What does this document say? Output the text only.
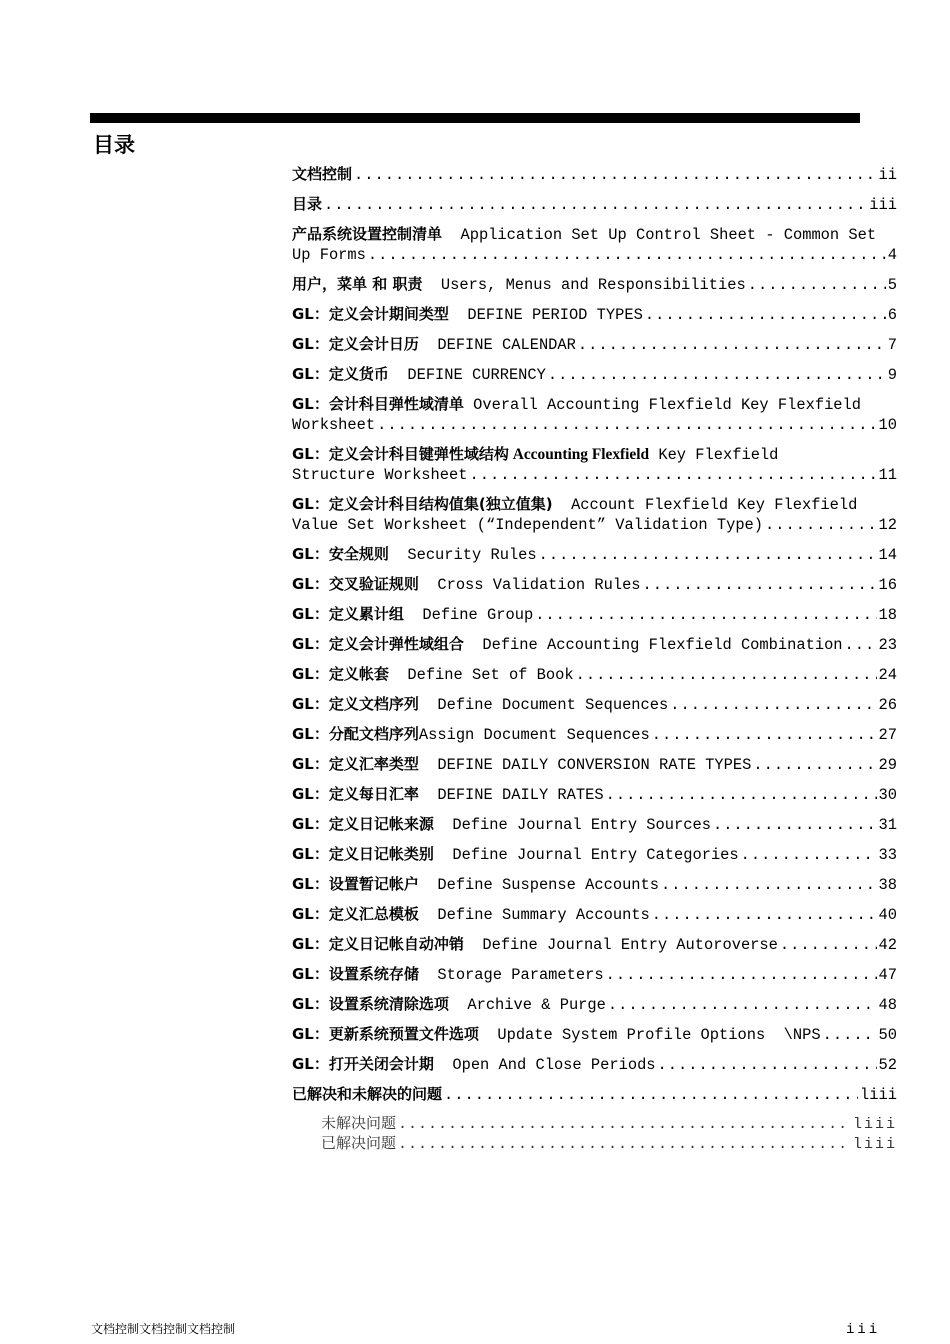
目录
文档控制 .....	ii
目录 .....	iii
产品系统设置控制清单  Application Set Up Control Sheet - Common Set
Up Forms .....	4
用户，菜单 和 职责  Users, Menus and Responsibilities .....	5
GL：定义会计期间类型  DEFINE PERIOD TYPES .....	6
GL：定义会计日历  DEFINE CALENDAR .....	7
GL：定义货币  DEFINE CURRENCY .....	9
GL：会计科目弹性域清单 Overall Accounting Flexfield Key Flexfield
Worksheet .....	10
GL：定义会计科目键弹性域结构 Accounting Flexfield Key Flexfield
Structure Worksheet .....	11
GL：定义会计科目结构值集(独立值集)  Account Flexfield Key Flexfield
Value Set Worksheet (“Independent” Validation Type) .....	12
GL：安全规则  Security Rules .....	14
GL：交叉验证规则  Cross Validation Rules .....	16
GL：定义累计组  Define Group .....	18
GL：定义会计弹性域组合  Define Accounting Flexfield Combination ..... 23
GL：定义帐套  Define Set of Book .....	24
GL：定义文档序列  Define Document Sequences .....	26
GL：分配文档序列Assign Document Sequences .....	27
GL：定义汇率类型  DEFINE DAILY CONVERSION RATE TYPES .....	29
GL：定义每日汇率  DEFINE DAILY RATES .....	30
GL：定义日记帐来源  Define Journal Entry Sources .....	31
GL：定义日记帐类别  Define Journal Entry Categories .....	33
GL：设置暂记帐户  Define Suspense Accounts .....	38
GL：定义汇总模板  Define Summary Accounts .....	40
GL：定义日记帐自动冲销  Define Journal Entry Autoroverse .....	42
GL：设置系统存储  Storage Parameters .....	47
GL：设置系统清除选项  Archive & Purge .....	48
GL：更新系统预置文件选项  Update System Profile Options  \NPS .....	50
GL：打开关闭会计期  Open And Close Periods .....	52
已解决和未解决的问题 .....	liii
未解决问题 .....	liii
已解决问题 .....	liii
文档控制文档控制文档控制	iii
